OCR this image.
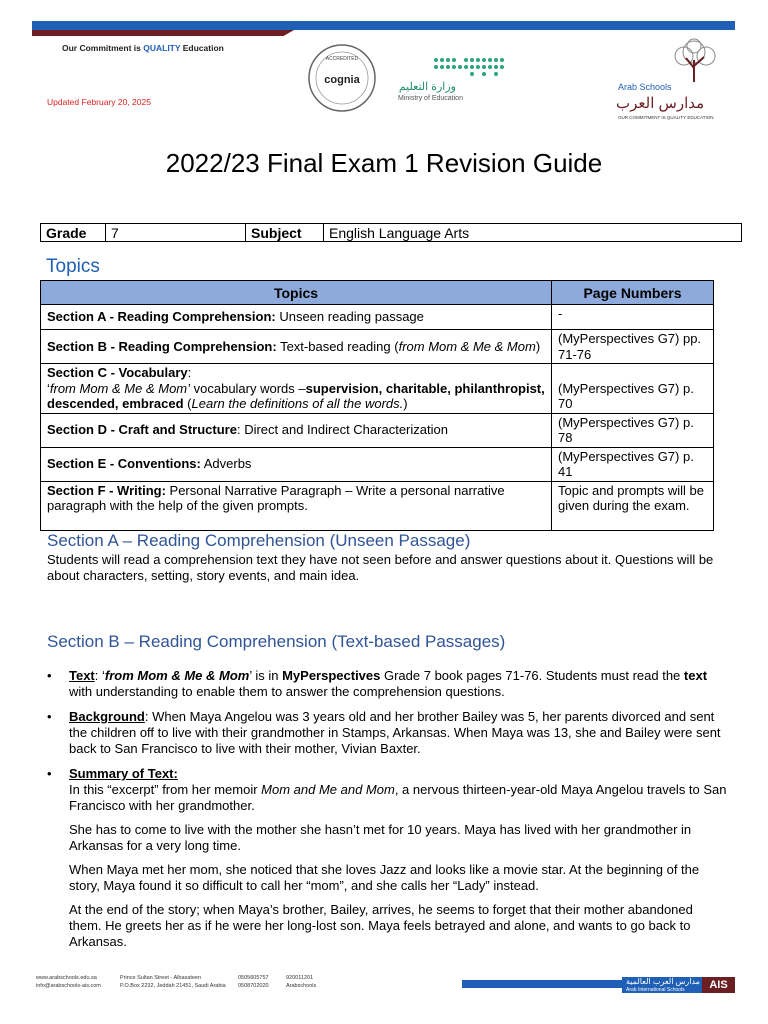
Our Commitment is QUALITY Education
Updated February 20, 2025
ACCREDITED
cognia
وزارة التعليم
Ministry of Education
Arab Schools
مدارس العرب
OUR COMMITMENT IS QUALITY EDUCATION
2022/23 Final Exam 1 Revision Guide
Grade	7	Subject	English Language Arts
Topics
Topics	Page Numbers
Section A - Reading Comprehension: Unseen reading passage	-
Section B - Reading Comprehension: Text-based reading (from Mom & Me & Mom)	(MyPerspectives G7) pp. 71-76
Section C - Vocabulary:
‘from Mom & Me & Mom’ vocabulary words –supervision, charitable, philanthropist, descended, embraced (Learn the definitions of all the words.)	(MyPerspectives G7) p. 70
Section D - Craft and Structure: Direct and Indirect Characterization	(MyPerspectives G7) p. 78
Section E - Conventions: Adverbs	(MyPerspectives G7) p. 41
Section F - Writing: Personal Narrative Paragraph – Write a personal narrative paragraph with the help of the given prompts.	Topic and prompts will be given during the exam.
Section A – Reading Comprehension (Unseen Passage)
Students will read a comprehension text they have not seen before and answer questions about it. Questions will be about characters, setting, story events, and main idea.
Section B – Reading Comprehension (Text-based Passages)
• Text: ‘from Mom & Me & Mom’ is in MyPerspectives Grade 7 book pages 71-76. Students must read the text with understanding to enable them to answer the comprehension questions.
• Background: When Maya Angelou was 3 years old and her brother Bailey was 5, her parents divorced and sent the children off to live with their grandmother in Stamps, Arkansas. When Maya was 13, she and Bailey were sent back to San Francisco to live with their mother, Vivian Baxter.
• Summary of Text:
In this “excerpt” from her memoir Mom and Me and Mom, a nervous thirteen-year-old Maya Angelou travels to San Francisco with her grandmother.
She has to come to live with the mother she hasn’t met for 10 years. Maya has lived with her grandmother in Arkansas for a very long time.
When Maya met her mom, she noticed that she loves Jazz and looks like a movie star. At the beginning of the story, Maya found it so difficult to call her “mom”, and she calls her “Lady” instead.
At the end of the story; when Maya’s brother, Bailey, arrives, he seems to forget that their mother abandoned them. He greets her as if he were her long-lost son. Maya feels betrayed and alone, and wants to go back to Arkansas.
www.arabschools.edu.sa
info@arabschools-ais.com
Prince Sultan Street - Albasateen
P.O.Box 2232, Jeddah 21451, Saudi Arabia
0505605757
0508702020
920011201
Arabschools	مدارس العرب العالمية
Arab International Schools	AIS
